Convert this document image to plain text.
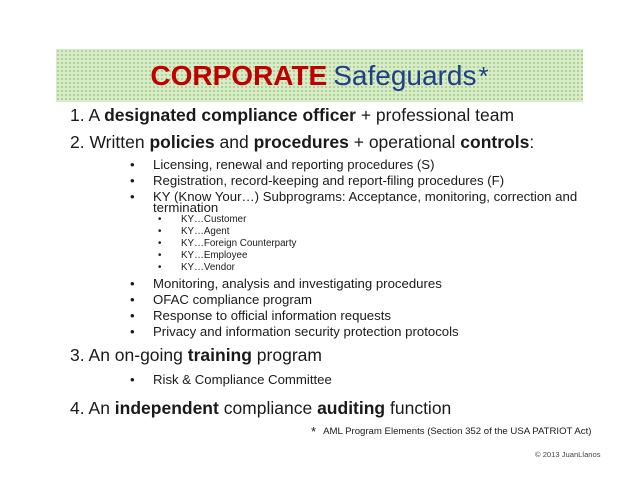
CORPORATE Safeguards*
1. A designated compliance officer + professional team
2. Written policies and procedures + operational controls:
• Licensing, renewal and reporting procedures (S)
• Registration, record-keeping and report-filing procedures (F)
• KY (Know Your…) Subprograms: Acceptance, monitoring, correction and
termination
• KY…Customer
• KY…Agent
• KY…Foreign Counterparty
• KY…Employee
• KY…Vendor
• Monitoring, analysis and investigating procedures
• OFAC compliance program
• Response to official information requests
• Privacy and information security protection protocols
3. An on-going training program
• Risk & Compliance Committee
4. An independent compliance auditing function
* AML Program Elements (Section 352 of the USA PATRIOT Act)
© 2013 JuanLlanos
